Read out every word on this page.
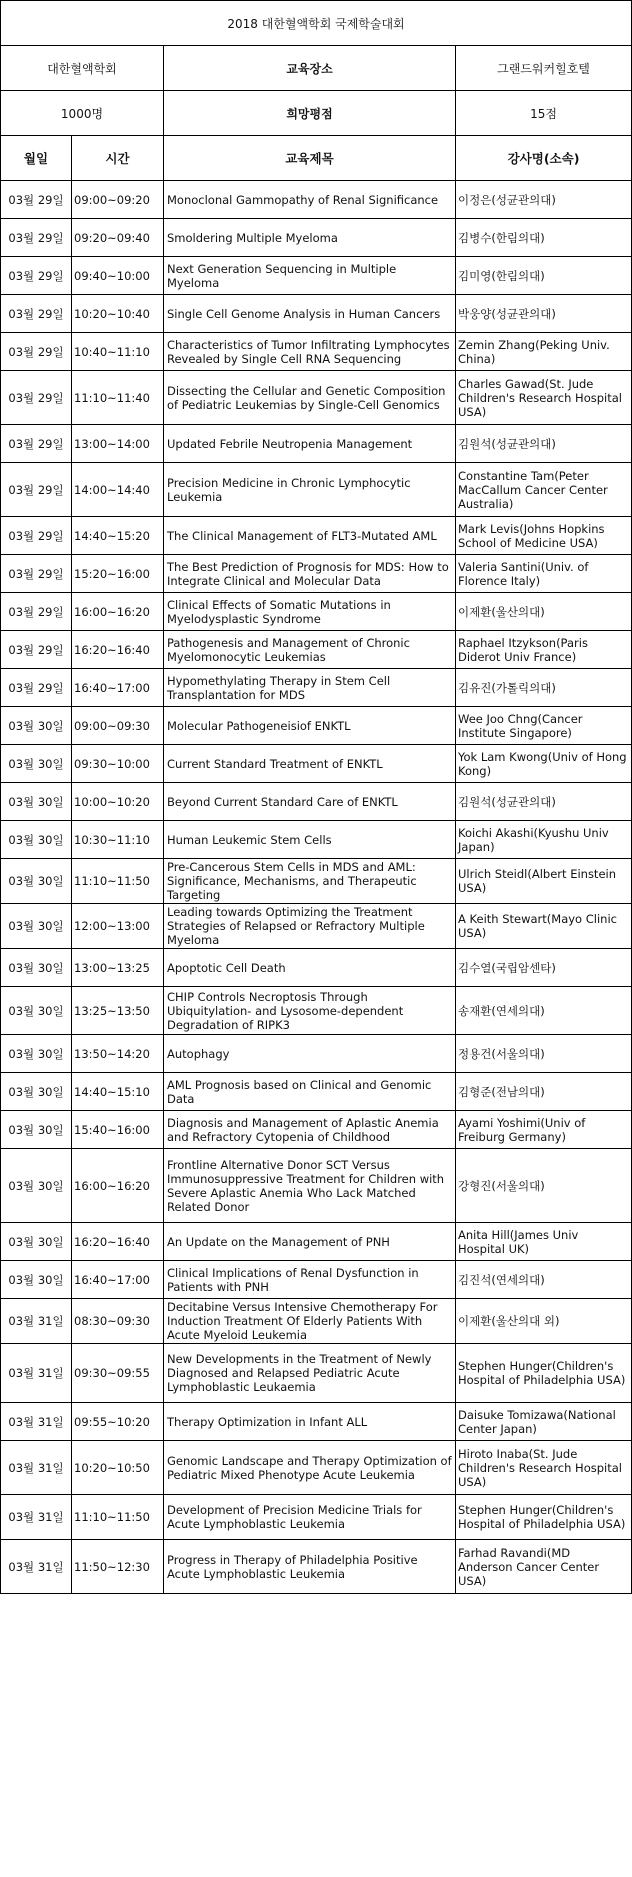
2018 대한혈액학회 국제학술대회			
대한혈액학회		교육장소	그랜드워커힐호텔
1000명		희망평점	15점
월일	시간	교육제목	강사명(소속)
03월 29일	09:00~09:20	Monoclonal Gammopathy of Renal Significance	이정은(성균관의대)
03월 29일	09:20~09:40	Smoldering Multiple Myeloma	김병수(한림의대)
03월 29일	09:40~10:00	Next Generation Sequencing in Multiple Myeloma	김미영(한림의대)
03월 29일	10:20~10:40	Single Cell Genome Analysis in Human Cancers	박웅양(성균관의대)
03월 29일	10:40~11:10	Characteristics of Tumor Infiltrating Lymphocytes Revealed by Single Cell RNA Sequencing	Zemin Zhang(Peking Univ. China)
03월 29일	11:10~11:40	Dissecting the Cellular and Genetic Composition of Pediatric Leukemias by Single-Cell Genomics	Charles Gawad(St. Jude Children's Research Hospital USA)
03월 29일	13:00~14:00	Updated Febrile Neutropenia Management	김원석(성균관의대)
03월 29일	14:00~14:40	Precision Medicine in Chronic Lymphocytic Leukemia	Constantine Tam(Peter MacCallum Cancer Center Australia)
03월 29일	14:40~15:20	The Clinical Management of FLT3-Mutated AML	Mark Levis(Johns Hopkins School of Medicine USA)
03월 29일	15:20~16:00	The Best Prediction of Prognosis for MDS: How to Integrate Clinical and Molecular Data	Valeria Santini(Univ. of Florence Italy)
03월 29일	16:00~16:20	Clinical Effects of Somatic Mutations in Myelodysplastic Syndrome	이제환(울산의대)
03월 29일	16:20~16:40	Pathogenesis and Management of Chronic Myelomonocytic Leukemias	Raphael Itzykson(Paris Diderot Univ France)
03월 29일	16:40~17:00	Hypomethylating Therapy in Stem Cell Transplantation for MDS	김유진(가톨릭의대)
03월 30일	09:00~09:30	Molecular Pathogeneisiof ENKTL	Wee Joo Chng(Cancer Institute Singapore)
03월 30일	09:30~10:00	Current Standard Treatment of ENKTL	Yok Lam Kwong(Univ of Hong Kong)
03월 30일	10:00~10:20	Beyond Current Standard Care of ENKTL	김원석(성균관의대)
03월 30일	10:30~11:10	Human Leukemic Stem Cells	Koichi Akashi(Kyushu Univ Japan)
03월 30일	11:10~11:50	Pre-Cancerous Stem Cells in MDS and AML: Significance, Mechanisms, and Therapeutic Targeting	Ulrich Steidl(Albert Einstein USA)
03월 30일	12:00~13:00	Leading towards Optimizing the Treatment Strategies of Relapsed or Refractory Multiple Myeloma	A Keith Stewart(Mayo Clinic USA)
03월 30일	13:00~13:25	Apoptotic Cell Death	김수열(국립암센타)
03월 30일	13:25~13:50	CHIP Controls Necroptosis Through Ubiquitylation- and Lysosome-dependent Degradation of RIPK3	송재환(연세의대)
03월 30일	13:50~14:20	Autophagy	정용건(서울의대)
03월 30일	14:40~15:10	AML Prognosis based on Clinical and Genomic Data	김형준(전남의대)
03월 30일	15:40~16:00	Diagnosis and Management of Aplastic Anemia and Refractory Cytopenia of Childhood	Ayami Yoshimi(Univ of Freiburg Germany)
03월 30일	16:00~16:20	Frontline Alternative Donor SCT Versus Immunosuppressive Treatment for Children with Severe Aplastic Anemia Who Lack Matched Related Donor	강형진(서울의대)
03월 30일	16:20~16:40	An Update on the Management of PNH	Anita Hill(James Univ Hospital UK)
03월 30일	16:40~17:00	Clinical Implications of Renal Dysfunction in Patients with PNH	김진석(연세의대)
03월 31일	08:30~09:30	Decitabine Versus Intensive Chemotherapy For Induction Treatment Of Elderly Patients With Acute Myeloid Leukemia	이제환(울산의대 외)
03월 31일	09:30~09:55	New Developments in the Treatment of Newly Diagnosed and Relapsed Pediatric Acute Lymphoblastic Leukaemia	Stephen Hunger(Children's Hospital of Philadelphia USA)
03월 31일	09:55~10:20	Therapy Optimization in Infant ALL	Daisuke Tomizawa(National Center Japan)
03월 31일	10:20~10:50	Genomic Landscape and Therapy Optimization of Pediatric Mixed Phenotype Acute Leukemia	Hiroto Inaba(St. Jude Children's Research Hospital USA)
03월 31일	11:10~11:50	Development of Precision Medicine Trials for Acute Lymphoblastic Leukemia	Stephen Hunger(Children's Hospital of Philadelphia USA)
03월 31일	11:50~12:30	Progress in Therapy of Philadelphia Positive Acute Lymphoblastic Leukemia	Farhad Ravandi(MD Anderson Cancer Center USA)
